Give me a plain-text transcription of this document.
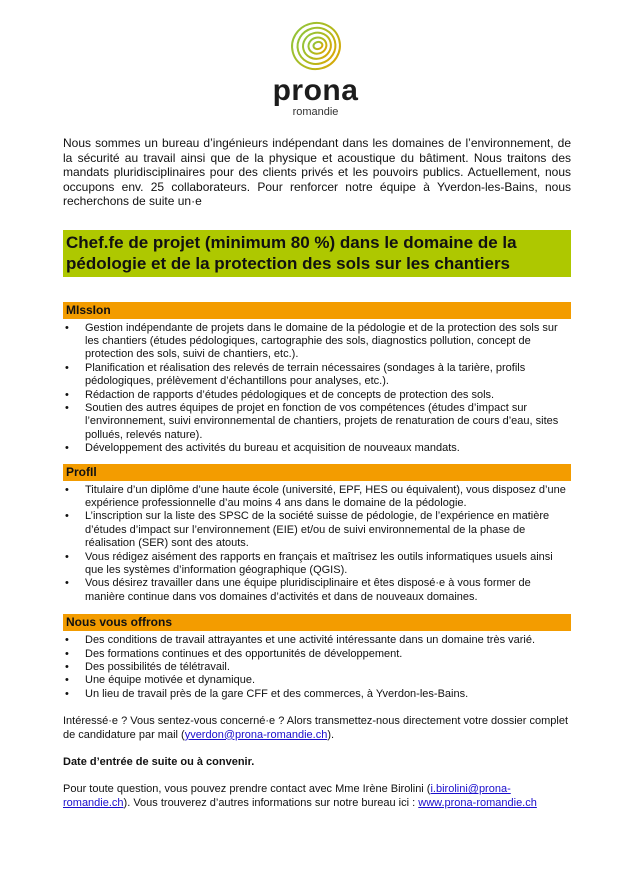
prona
romandie

Nous sommes un bureau d’ingénieurs indépendant dans les domaines de l’environnement, de la sécurité au travail ainsi que de la physique et acoustique du bâtiment. Nous traitons des mandats pluridisciplinaires pour des clients privés et les pouvoirs publics. Actuellement, nous occupons env. 25 collaborateurs. Pour renforcer notre équipe à Yverdon-les-Bains, nous recherchons de suite un·e

Chef.fe de projet (minimum 80 %) dans le domaine de la pédologie et de la protection des sols sur les chantiers
MIssIon
• Gestion indépendante de projets dans le domaine de la pédologie et de la protection des sols sur les chantiers (études pédologiques, cartographie des sols, diagnostics pollution, concept de protection des sols, suivi de chantiers, etc.).
• Planification et réalisation des relevés de terrain nécessaires (sondages à la tarière, profils pédologiques, prélèvement d’échantillons pour analyses, etc.).
• Rédaction de rapports d’études pédologiques et de concepts de protection des sols.
• Soutien des autres équipes de projet en fonction de vos compétences (études d’impact sur l’environnement, suivi environnemental de chantiers, projets de renaturation de cours d’eau, sites pollués, relevés nature).
• Développement des activités du bureau et acquisition de nouveaux mandats.
ProfIl
• Titulaire d’un diplôme d’une haute école (université, EPF, HES ou équivalent), vous disposez d’une expérience professionnelle d’au moins 4 ans dans le domaine de la pédologie.
• L’inscription sur la liste des SPSC de la société suisse de pédologie, de l’expérience en matière d’études d’impact sur l’environnement (EIE) et/ou de suivi environnemental de la phase de réalisation (SER) sont des atouts.
• Vous rédigez aisément des rapports en français et maîtrisez les outils informatiques usuels ainsi que les systèmes d’information géographique (QGIS).
• Vous désirez travailler dans une équipe pluridisciplinaire et êtes disposé·e à vous former de manière continue dans vos domaines d’activités et dans de nouveaux domaines.
Nous vous offrons
• Des conditions de travail attrayantes et une activité intéressante dans un domaine très varié.
• Des formations continues et des opportunités de développement.
• Des possibilités de télétravail.
• Une équipe motivée et dynamique.
• Un lieu de travail près de la gare CFF et des commerces, à Yverdon-les-Bains.

Intéressé·e ? Vous sentez-vous concerné·e ? Alors transmettez-nous directement votre dossier complet de candidature par mail (yverdon@prona-romandie.ch).

Date d’entrée de suite ou à convenir.

Pour toute question, vous pouvez prendre contact avec Mme Irène Birolini (i.birolini@prona-romandie.ch). Vous trouverez d’autres informations sur notre bureau ici : www.prona-romandie.ch
